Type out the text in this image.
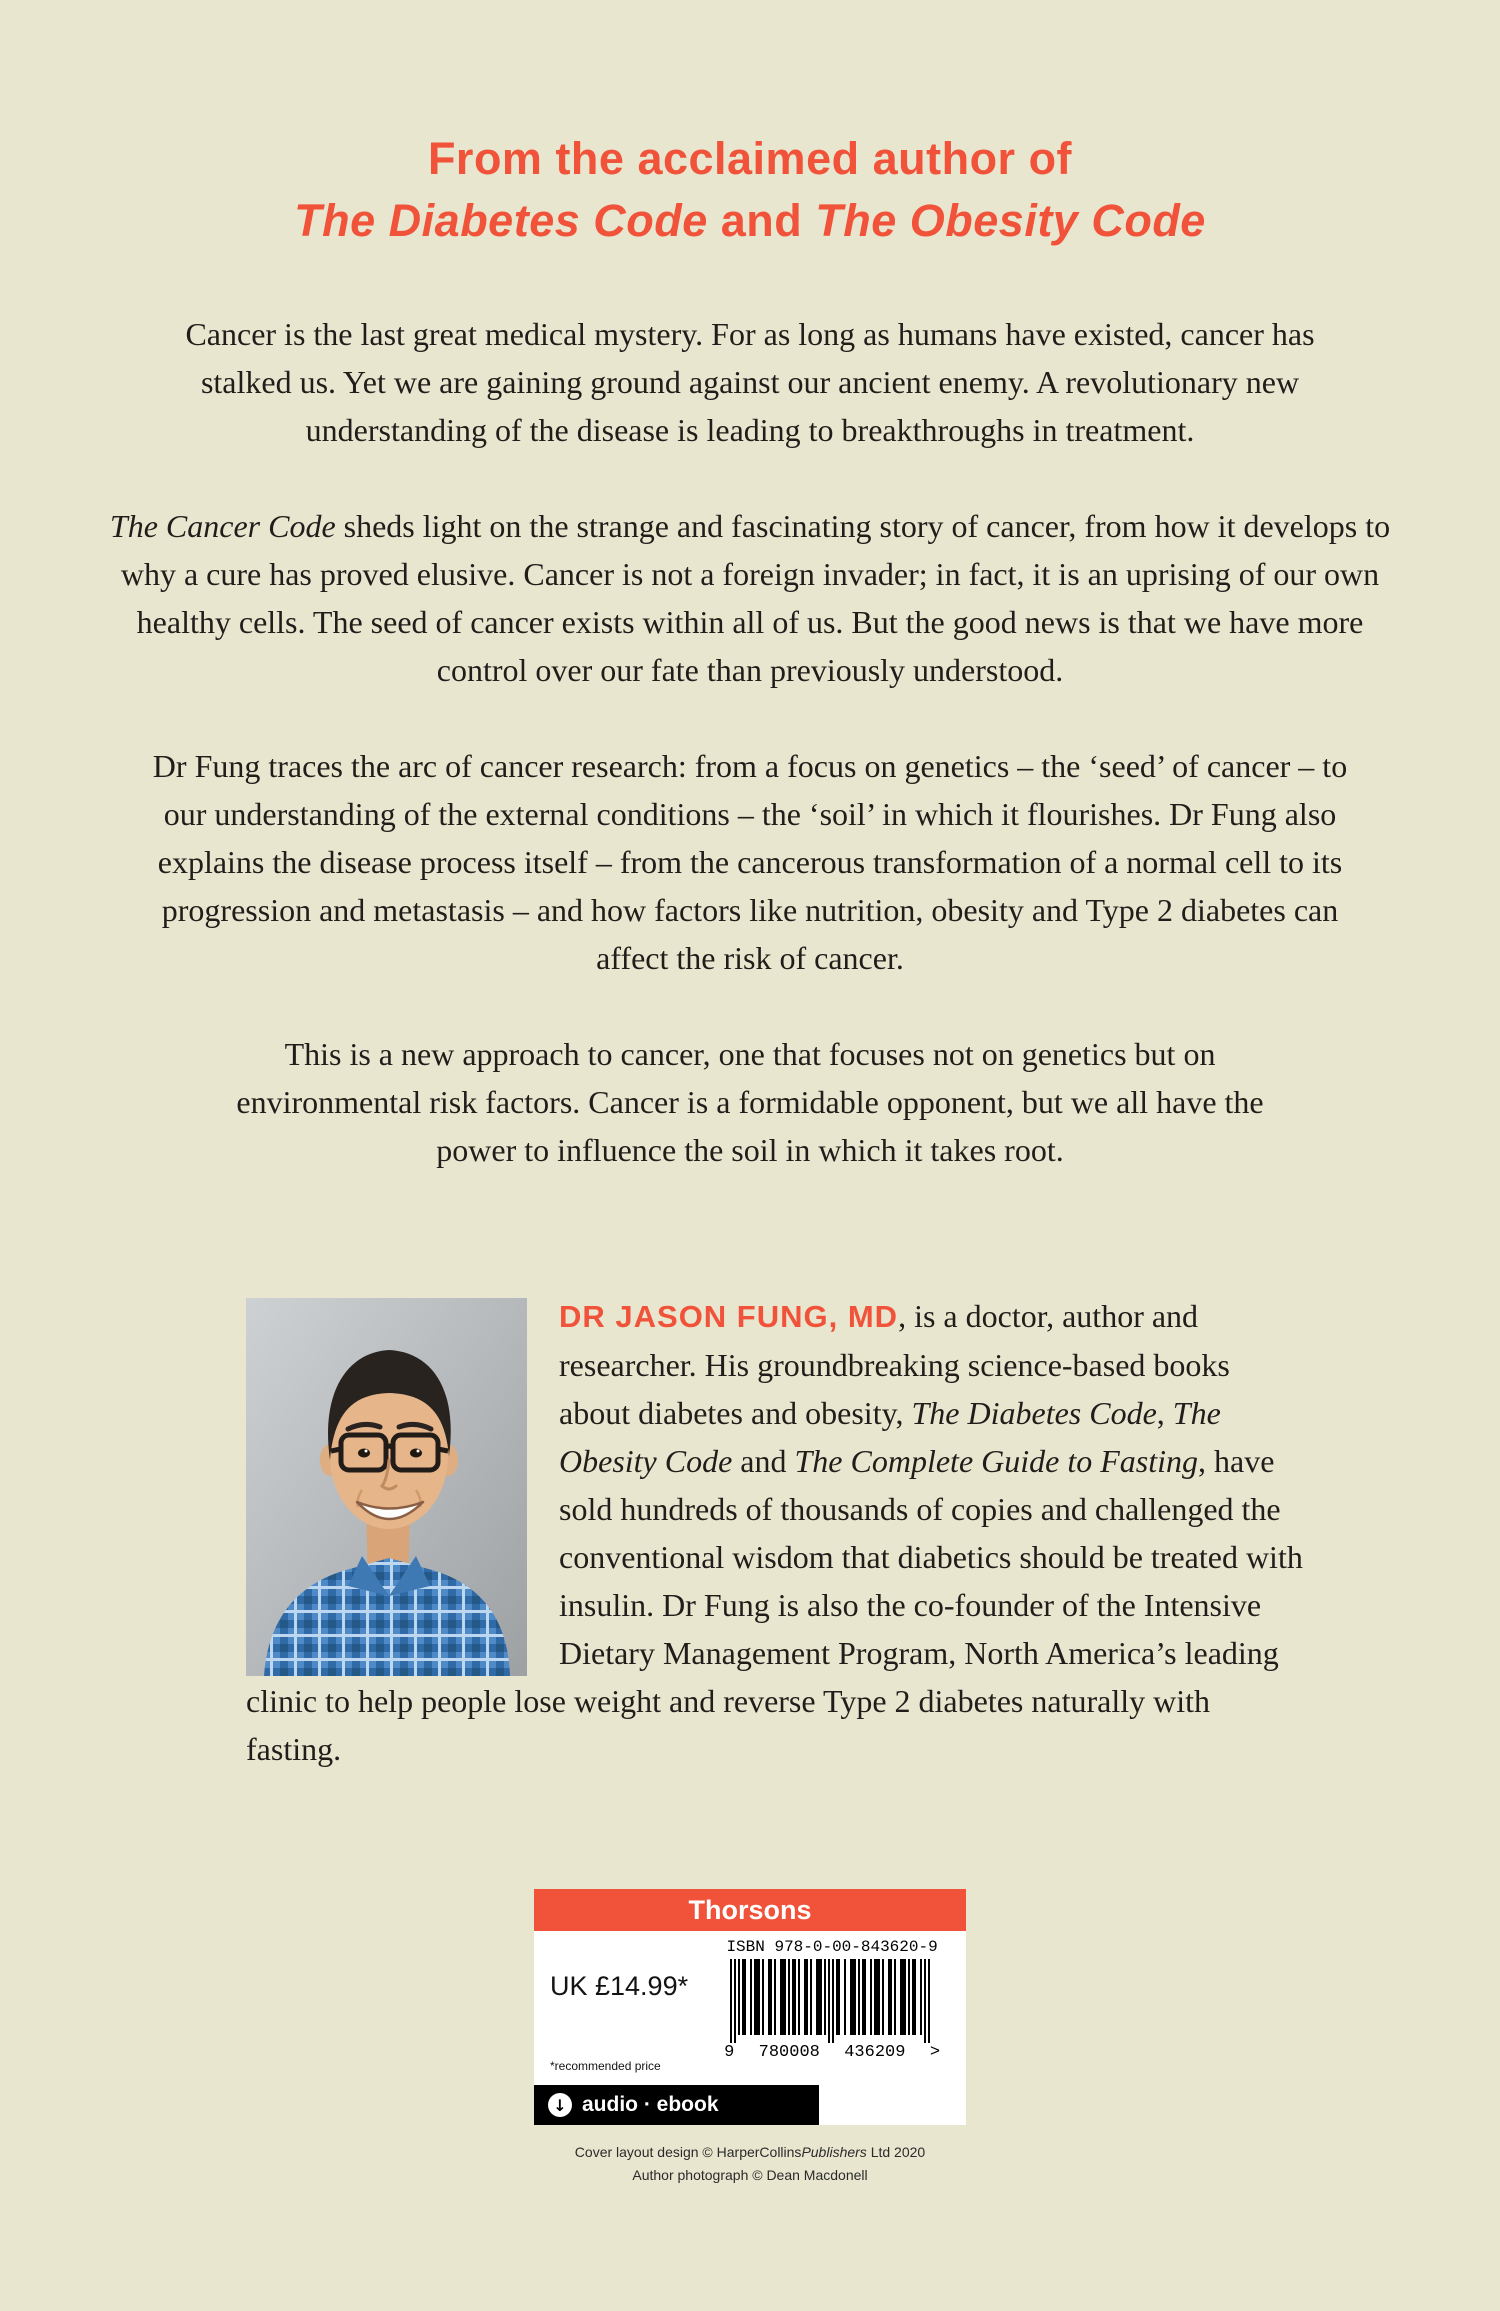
From the acclaimed author of
The Diabetes Code and The Obesity Code

Cancer is the last great medical mystery. For as long as humans have existed, cancer has stalked us. Yet we are gaining ground against our ancient enemy. A revolutionary new understanding of the disease is leading to breakthroughs in treatment.

The Cancer Code sheds light on the strange and fascinating story of cancer, from how it develops to why a cure has proved elusive. Cancer is not a foreign invader; in fact, it is an uprising of our own healthy cells. The seed of cancer exists within all of us. But the good news is that we have more control over our fate than previously understood.

Dr Fung traces the arc of cancer research: from a focus on genetics – the ‘seed’ of cancer – to our understanding of the external conditions – the ‘soil’ in which it flourishes. Dr Fung also explains the disease process itself – from the cancerous transformation of a normal cell to its progression and metastasis – and how factors like nutrition, obesity and Type 2 diabetes can affect the risk of cancer.

This is a new approach to cancer, one that focuses not on genetics but on environmental risk factors. Cancer is a formidable opponent, but we all have the power to influence the soil in which it takes root.

DR JASON FUNG, MD, is a doctor, author and researcher. His groundbreaking science-based books about diabetes and obesity, The Diabetes Code, The Obesity Code and The Complete Guide to Fasting, have sold hundreds of thousands of copies and challenged the conventional wisdom that diabetics should be treated with insulin. Dr Fung is also the co-founder of the Intensive Dietary Management Program, North America’s leading clinic to help people lose weight and reverse Type 2 diabetes naturally with fasting.

Thorsons
UK £14.99*
*recommended price
ISBN 978-0-00-843620-9
9 780008 436209 >
↓ audio · ebook
Cover layout design © HarperCollinsPublishers Ltd 2020
Author photograph © Dean Macdonell
